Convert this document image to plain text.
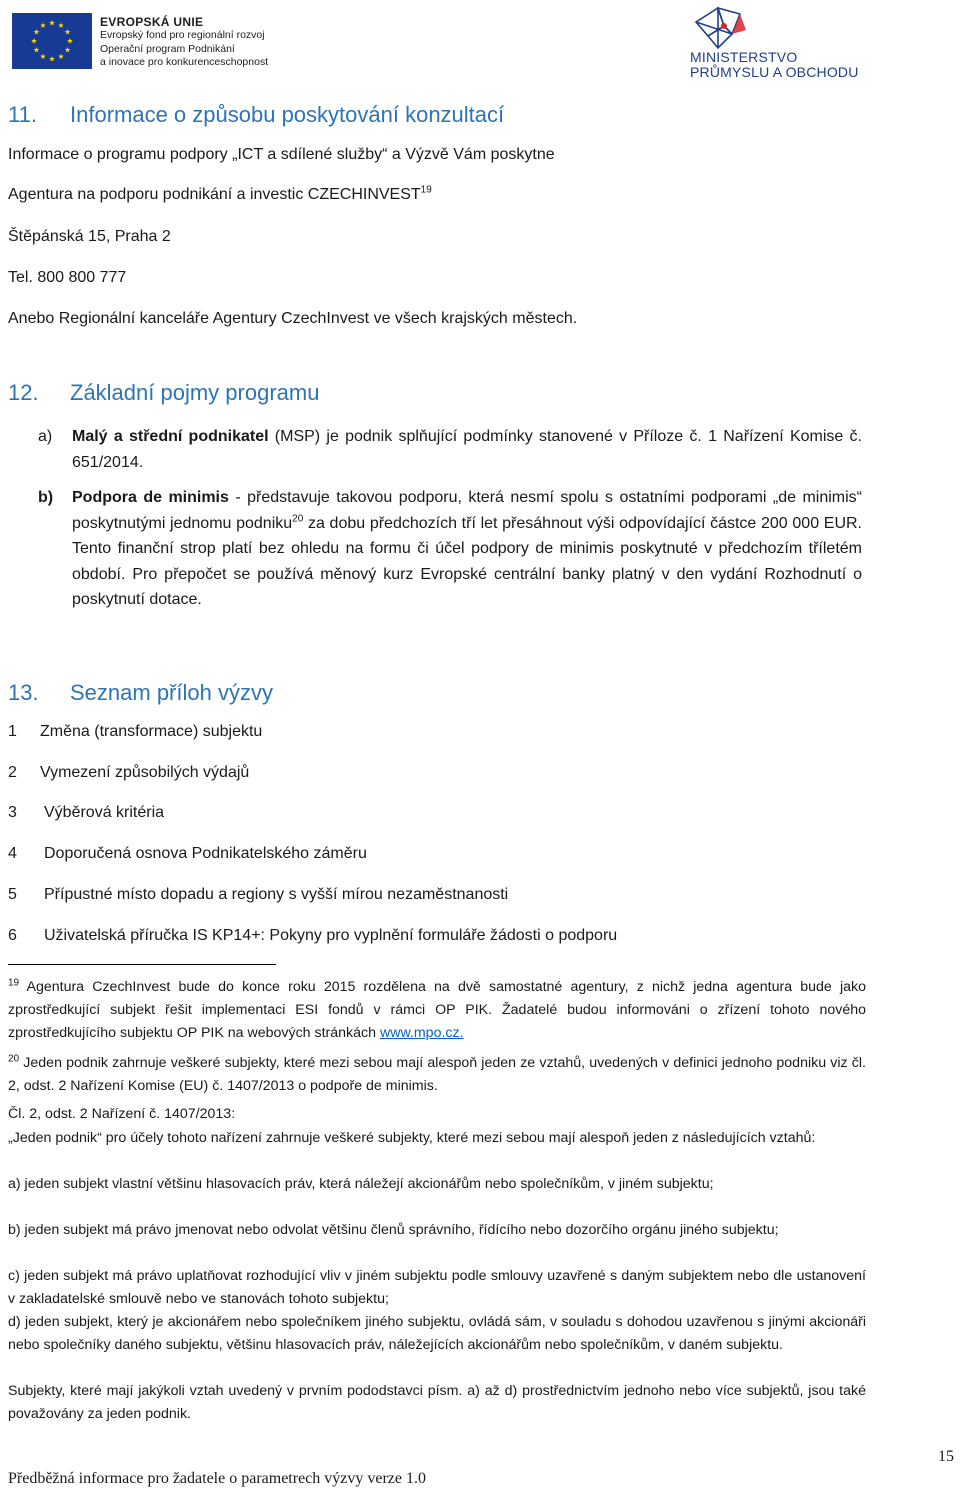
EVROPSKÁ UNIE
Evropský fond pro regionální rozvoj
Operační program Podnikání
a inovace pro konkurenceschopnost	MINISTERSTVO
PRŮMYSLU A OBCHODU
11. Informace o způsobu poskytování konzultací
Informace o programu podpory „ICT a sdílené služby“ a Výzvě Vám poskytne
Agentura na podporu podnikání a investic CZECHINVEST$^{19}$
Štěpánská 15, Praha 2
Tel. 800 800 777
Anebo Regionální kanceláře Agentury CzechInvest ve všech krajských městech.
12. Základní pojmy programu
a)	Malý a střední podnikatel (MSP) je podnik splňující podmínky stanovené v Příloze č. 1 Nařízení Komise č. 651/2014.
b)	Podpora de minimis - představuje takovou podporu, která nesmí spolu s ostatními podporami „de minimis“ poskytnutými jednomu podniku$^{20}$ za dobu předchozích tří let přesáhnout výši odpovídající částce 200 000 EUR. Tento finanční strop platí bez ohledu na formu či účel podpory de minimis poskytnuté v předchozím tříletém období. Pro přepočet se používá měnový kurz Evropské centrální banky platný v den vydání Rozhodnutí o poskytnutí dotace.
13. Seznam příloh výzvy
1 Změna (transformace) subjektu
2 Vymezení způsobilých výdajů
3 Výběrová kritéria
4 Doporučená osnova Podnikatelského záměru
5 Přípustné místo dopadu a regiony s vyšší mírou nezaměstnanosti
6 Uživatelská příručka IS KP14+: Pokyny pro vyplnění formuláře žádosti o podporu
$^{19}$ Agentura CzechInvest bude do konce roku 2015 rozdělena na dvě samostatné agentury, z nichž jedna agentura bude jako zprostředkující subjekt řešit implementaci ESI fondů v rámci OP PIK. Žadatelé budou informováni o zřízení tohoto nového zprostředkujícího subjektu OP PIK na webových stránkách www.mpo.cz.
$^{20}$ Jeden podnik zahrnuje veškeré subjekty, které mezi sebou mají alespoň jeden ze vztahů, uvedených v definici jednoho podniku viz čl. 2, odst. 2 Nařízení Komise (EU) č. 1407/2013 o podpoře de minimis.
Čl. 2, odst. 2 Nařízení č. 1407/2013:
„Jeden podnik“ pro účely tohoto nařízení zahrnuje veškeré subjekty, které mezi sebou mají alespoň jeden z následujících vztahů:
a) jeden subjekt vlastní většinu hlasovacích práv, která náležejí akcionářům nebo společníkům, v jiném subjektu;
b) jeden subjekt má právo jmenovat nebo odvolat většinu členů správního, řídícího nebo dozorčího orgánu jiného subjektu;
c) jeden subjekt má právo uplatňovat rozhodující vliv v jiném subjektu podle smlouvy uzavřené s daným subjektem nebo dle ustanovení v zakladatelské smlouvě nebo ve stanovách tohoto subjektu;
d) jeden subjekt, který je akcionářem nebo společníkem jiného subjektu, ovládá sám, v souladu s dohodou uzavřenou s jinými akcionáři nebo společníky daného subjektu, většinu hlasovacích práv, náležejících akcionářům nebo společníkům, v daném subjektu.
Subjekty, které mají jakýkoli vztah uvedený v prvním pododstavci písm. a) až d) prostřednictvím jednoho nebo více subjektů, jsou také považovány za jeden podnik.
Předběžná informace pro žadatele o parametrech výzvy verze 1.0
15
